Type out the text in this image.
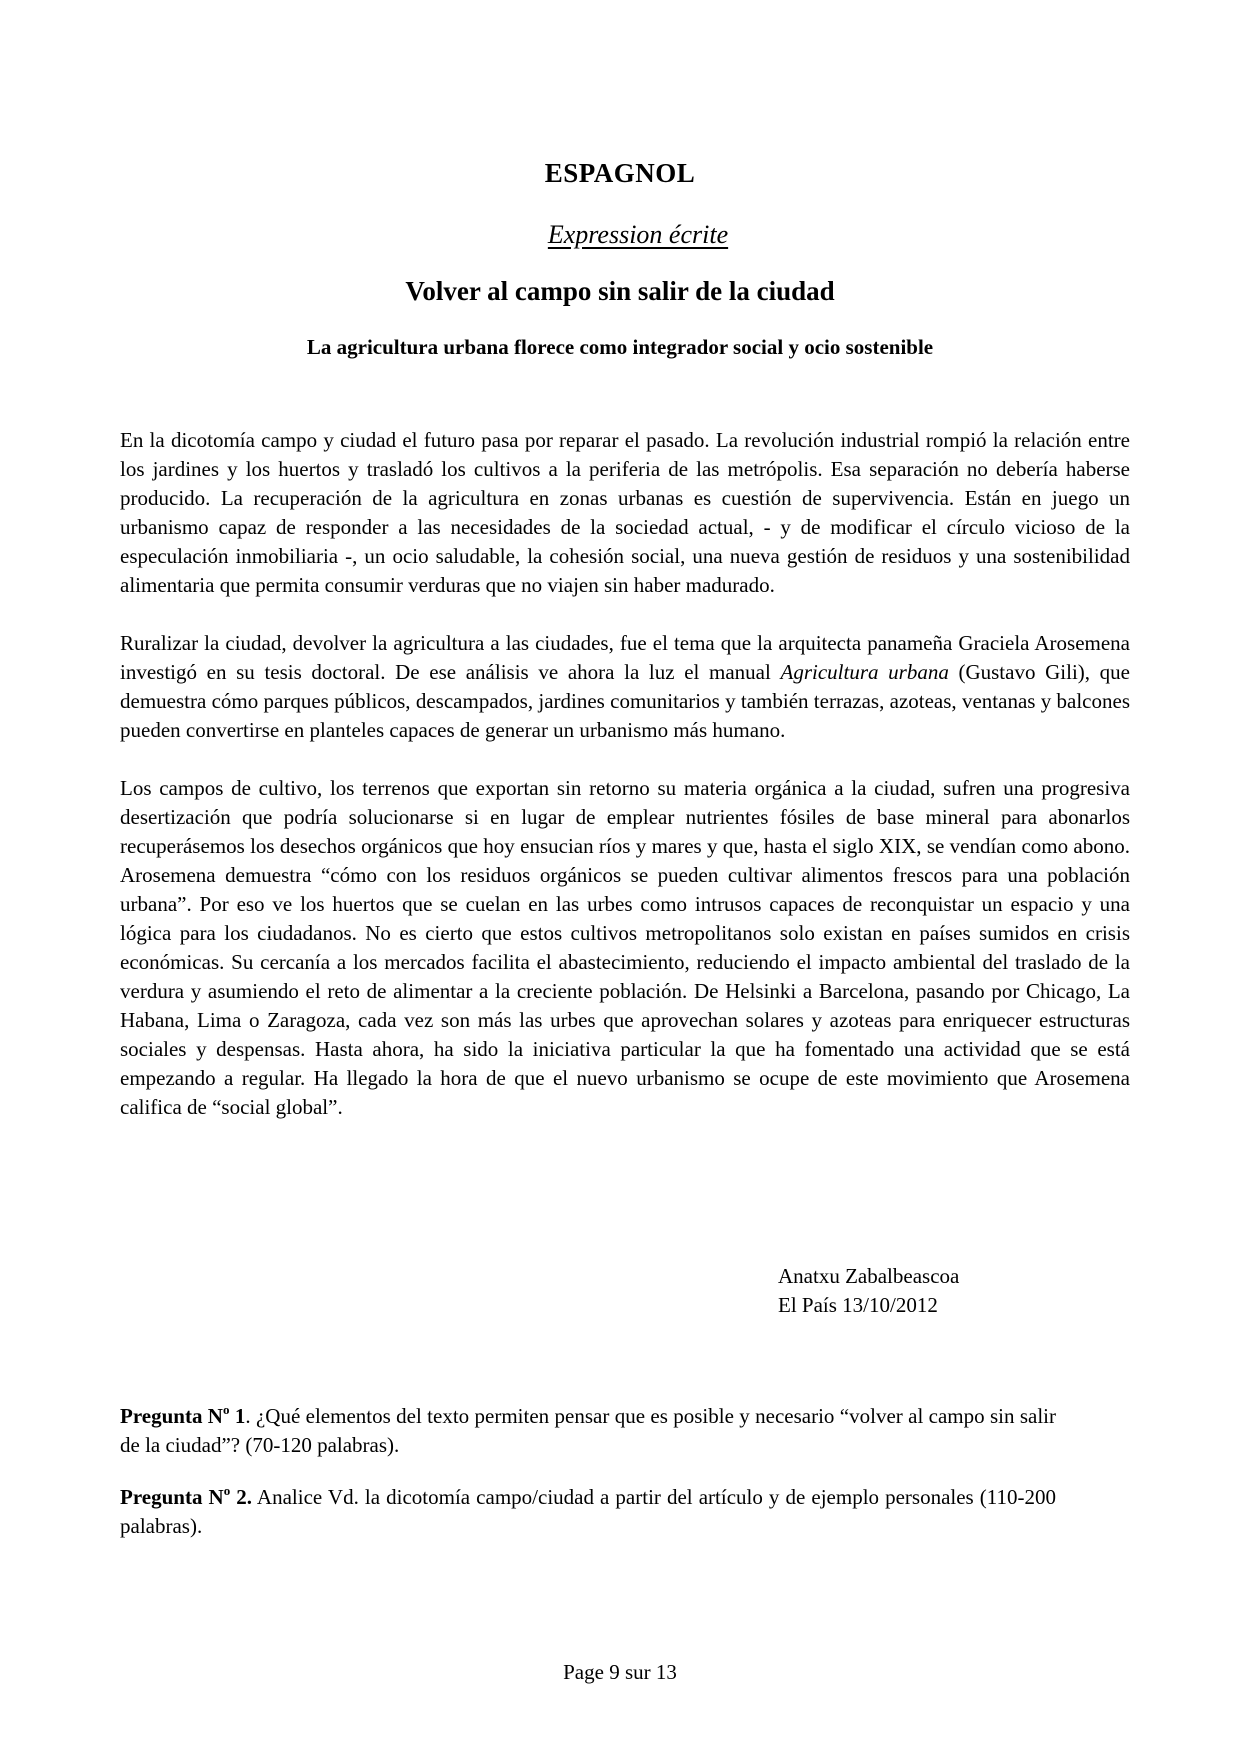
ESPAGNOL
Expression écrite
Volver al campo sin salir de la ciudad
La agricultura urbana florece como integrador social y ocio sostenible

En la dicotomía campo y ciudad el futuro pasa por reparar el pasado. La revolución industrial rompió la relación entre los jardines y los huertos y trasladó los cultivos a la periferia de las metrópolis. Esa separación no debería haberse producido. La recuperación de la agricultura en zonas urbanas es cuestión de supervivencia. Están en juego un urbanismo capaz de responder a las necesidades de la sociedad actual, - y de modificar el círculo vicioso de la especulación inmobiliaria -, un ocio saludable, la cohesión social, una nueva gestión de residuos y una sostenibilidad alimentaria que permita consumir verduras que no viajen sin haber madurado.

Ruralizar la ciudad, devolver la agricultura a las ciudades, fue el tema que la arquitecta panameña Graciela Arosemena investigó en su tesis doctoral. De ese análisis ve ahora la luz el manual Agricultura urbana (Gustavo Gili), que demuestra cómo parques públicos, descampados, jardines comunitarios y también terrazas, azoteas, ventanas y balcones pueden convertirse en planteles capaces de generar un urbanismo más humano.

Los campos de cultivo, los terrenos que exportan sin retorno su materia orgánica a la ciudad, sufren una progresiva desertización que podría solucionarse si en lugar de emplear nutrientes fósiles de base mineral para abonarlos recuperásemos los desechos orgánicos que hoy ensucian ríos y mares y que, hasta el siglo XIX, se vendían como abono. Arosemena demuestra “cómo con los residuos orgánicos se pueden cultivar alimentos frescos para una población urbana”. Por eso ve los huertos que se cuelan en las urbes como intrusos capaces de reconquistar un espacio y una lógica para los ciudadanos. No es cierto que estos cultivos metropolitanos solo existan en países sumidos en crisis económicas. Su cercanía a los mercados facilita el abastecimiento, reduciendo el impacto ambiental del traslado de la verdura y asumiendo el reto de alimentar a la creciente población. De Helsinki a Barcelona, pasando por Chicago, La Habana, Lima o Zaragoza, cada vez son más las urbes que aprovechan solares y azoteas para enriquecer estructuras sociales y despensas. Hasta ahora, ha sido la iniciativa particular la que ha fomentado una actividad que se está empezando a regular. Ha llegado la hora de que el nuevo urbanismo se ocupe de este movimiento que Arosemena califica de “social global”.

Anatxu Zabalbeascoa
El País 13/10/2012

Pregunta $N^o$ 1. ¿Qué elementos del texto permiten pensar que es posible y necesario “volver al campo sin salir de la ciudad”? (70-120 palabras).

Pregunta $N^o$ 2. Analice Vd. la dicotomía campo/ciudad a partir del artículo y de ejemplo personales (110-200 palabras).

Page 9 sur 13
